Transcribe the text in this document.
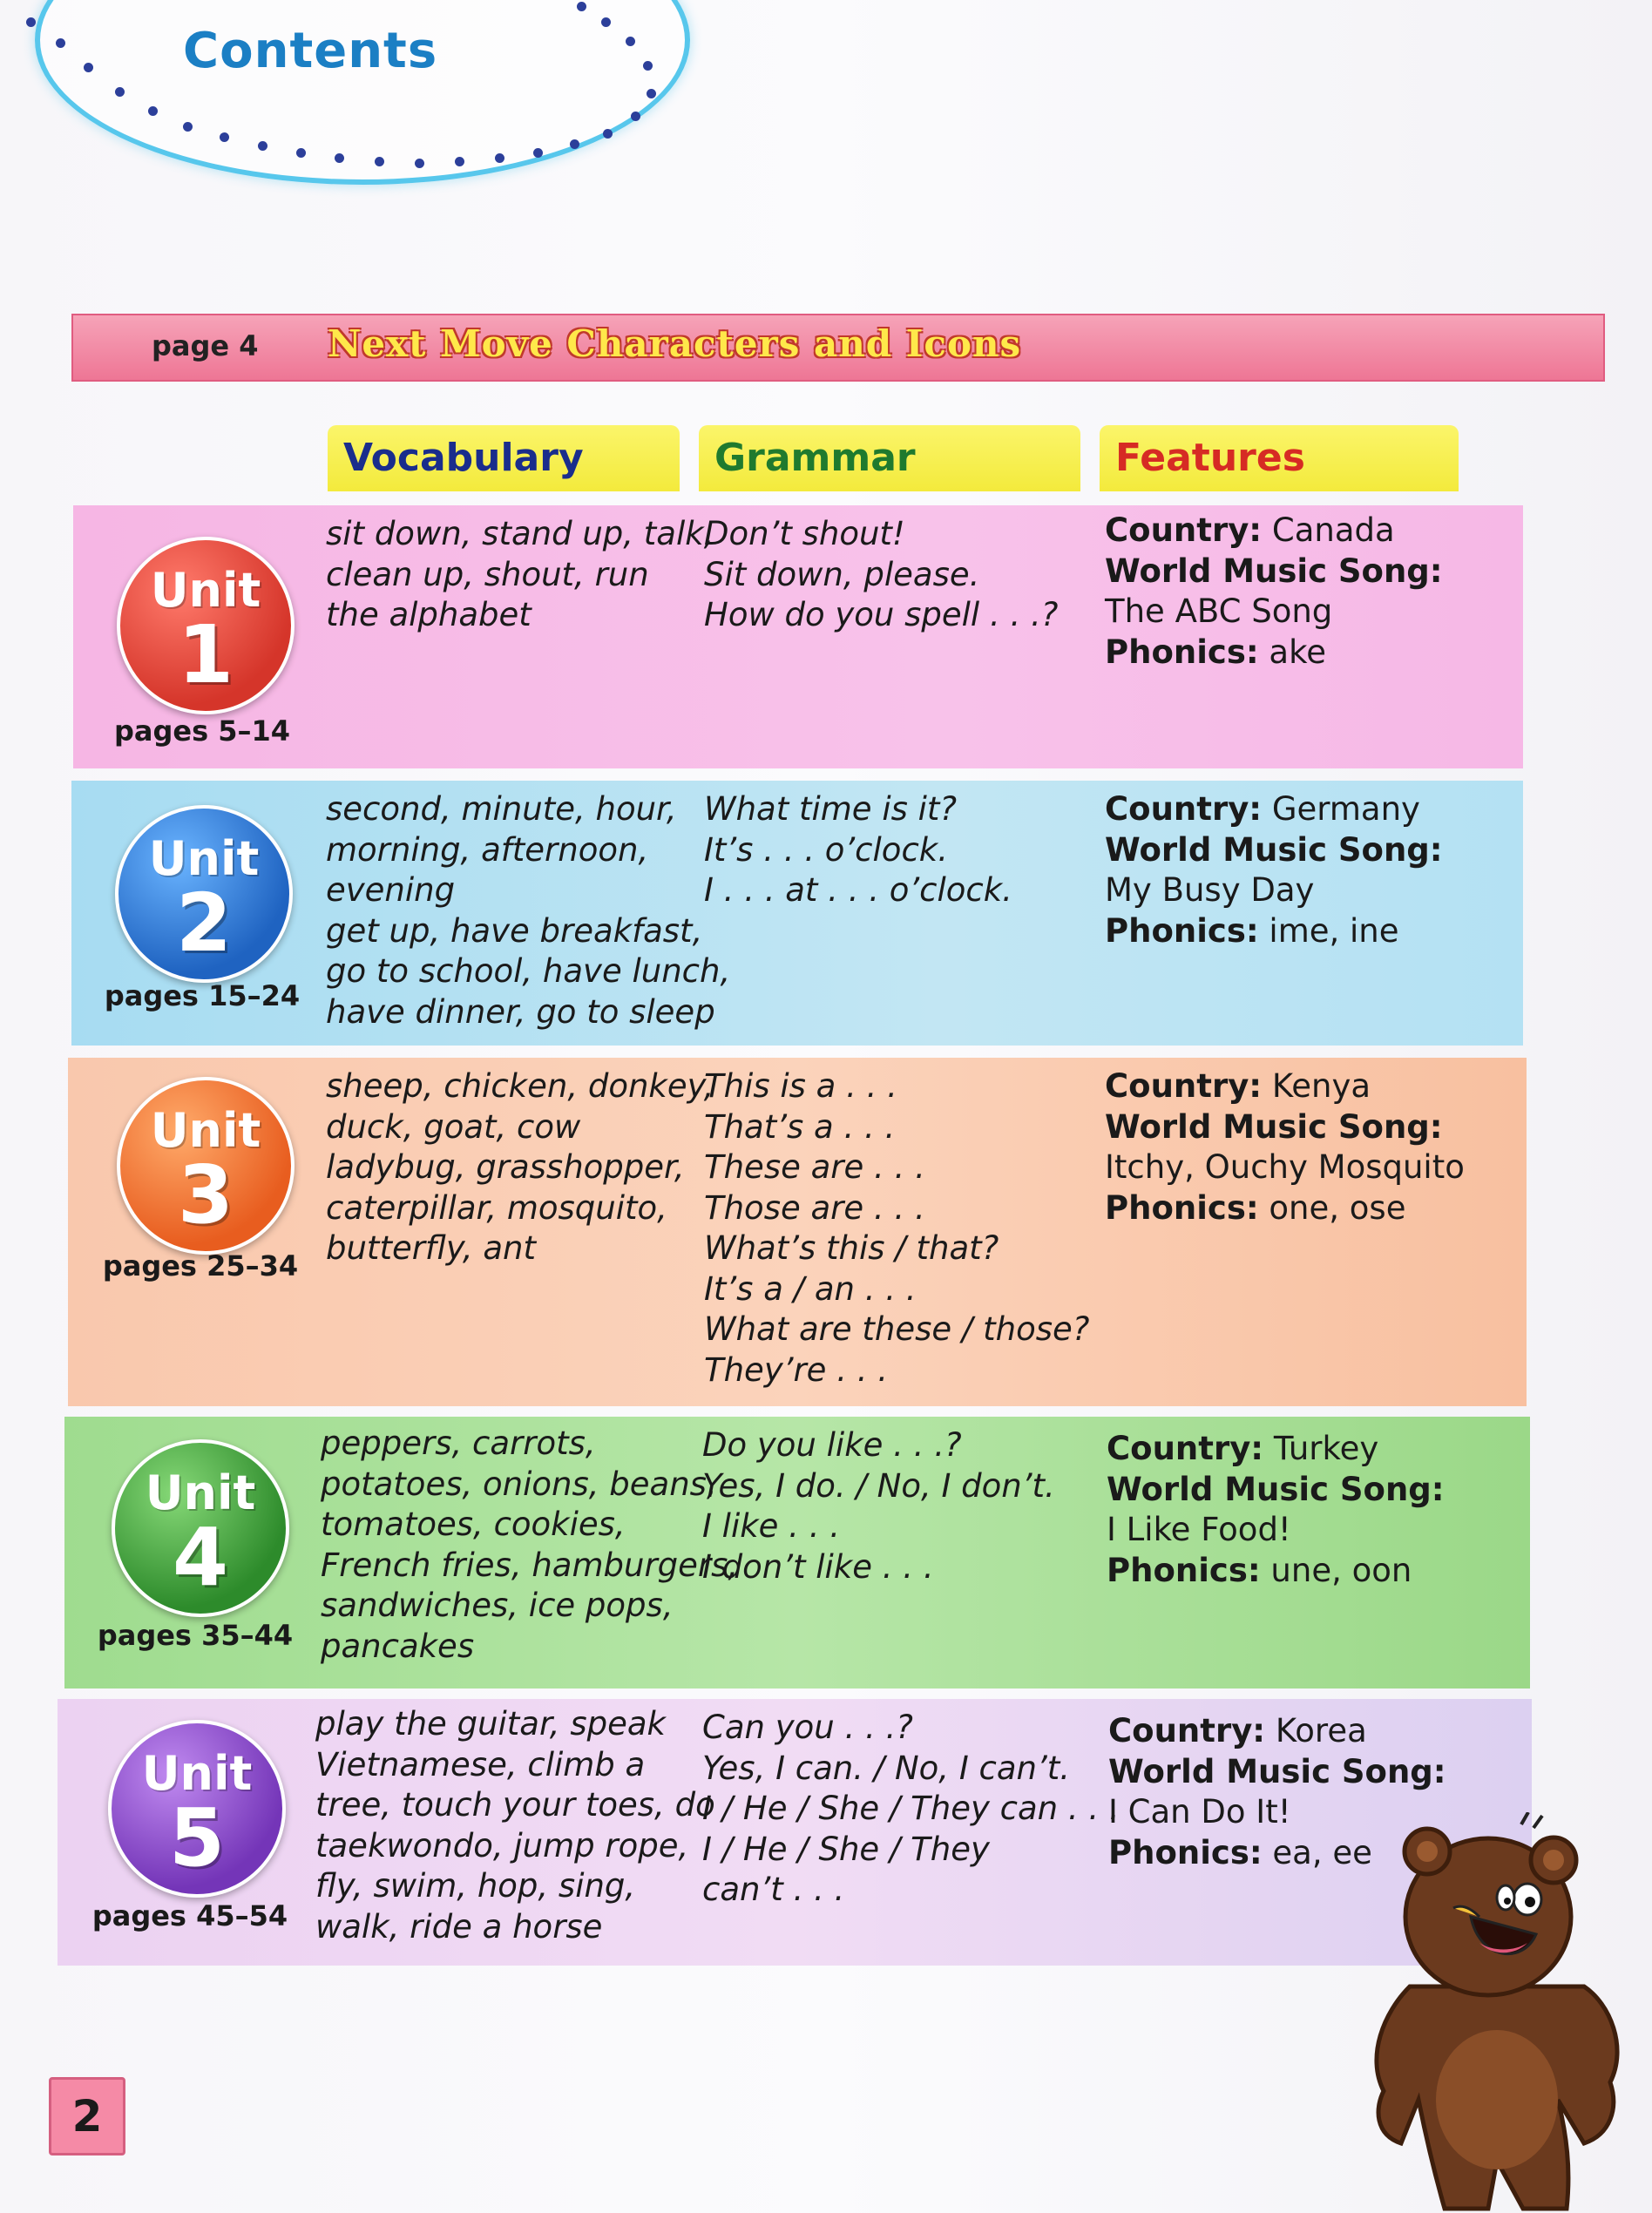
Contents
page 4 Next Move Characters and Icons
Vocabulary	Grammar	Features
Unit
1
pages 5–14
sit down, stand up, talk,
clean up, shout, run
the alphabet
Don’t shout!
Sit down, please.
How do you spell . . .?
Country: Canada
World Music Song:
The ABC Song
Phonics: ake
Unit
2
pages 15–24
second, minute, hour,
morning, afternoon,
evening
get up, have breakfast,
go to school, have lunch,
have dinner, go to sleep
What time is it?
It’s . . . o’clock.
I . . . at . . . o’clock.
Country: Germany
World Music Song:
My Busy Day
Phonics: ime, ine
Unit
3
pages 25–34
sheep, chicken, donkey,
duck, goat, cow
ladybug, grasshopper,
caterpillar, mosquito,
butterfly, ant
This is a . . .
That’s a . . .
These are . . .
Those are . . .
What’s this / that?
It’s a / an . . .
What are these / those?
They’re . . .
Country: Kenya
World Music Song:
Itchy, Ouchy Mosquito
Phonics: one, ose
Unit
4
pages 35–44
peppers, carrots,
potatoes, onions, beans,
tomatoes, cookies,
French fries, hamburgers,
sandwiches, ice pops,
pancakes
Do you like . . .?
Yes, I do. / No, I don’t.
I like . . .
I don’t like . . .
Country: Turkey
World Music Song:
I Like Food!
Phonics: une, oon
Unit
5
pages 45–54
play the guitar, speak
Vietnamese, climb a
tree, touch your toes, do
taekwondo, jump rope,
fly, swim, hop, sing,
walk, ride a horse
Can you . . .?
Yes, I can. / No, I can’t.
I / He / She / They can . . .
I / He / She / They
can’t . . .
Country: Korea
World Music Song:
I Can Do It!
Phonics: ea, ee
2
